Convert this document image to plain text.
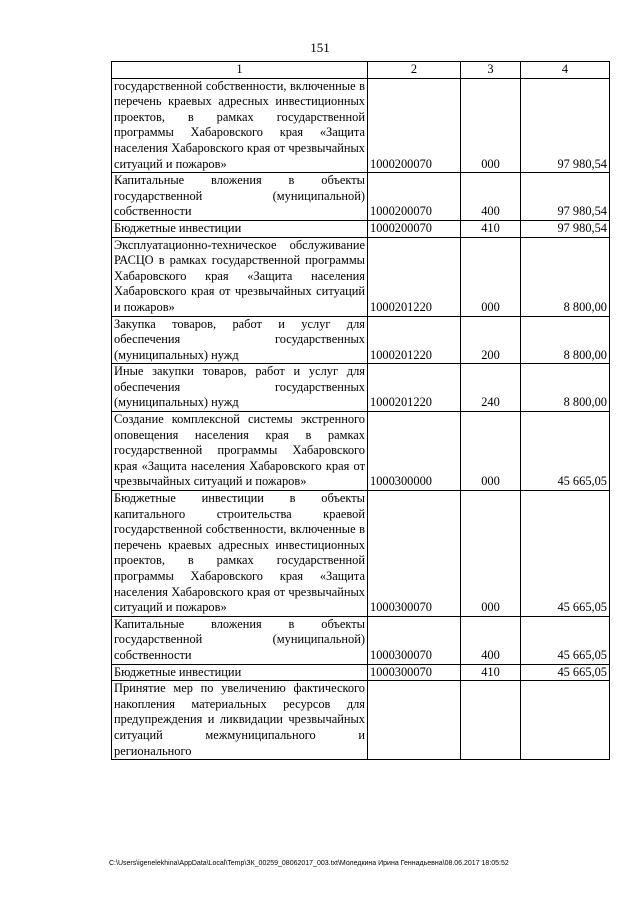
151
1	2	3	4
государственной собственности, включенные в перечень краевых адресных инвестиционных проектов, в рамках государственной программы Хабаровского края «Защита населения Хабаровского края от чрезвычайных ситуаций и пожаров»	1000200070	000	97 980,54
Капитальные вложения в объекты государственной (муниципальной) собственности	1000200070	400	97 980,54
Бюджетные инвестиции	1000200070	410	97 980,54
Эксплуатационно-техническое обслуживание РАСЦО в рамках государственной программы Хабаровского края «Защита населения Хабаровского края от чрезвычайных ситуаций и пожаров»	1000201220	000	8 800,00
Закупка товаров, работ и услуг для обеспечения государственных (муниципальных) нужд	1000201220	200	8 800,00
Иные закупки товаров, работ и услуг для обеспечения государственных (муниципальных) нужд	1000201220	240	8 800,00
Создание комплексной системы экстренного оповещения населения края в рамках государственной программы Хабаровского края «Защита населения Хабаровского края от чрезвычайных ситуаций и пожаров»	1000300000	000	45 665,05
Бюджетные инвестиции в объекты капитального строительства краевой государственной собственности, включенные в перечень краевых адресных инвестиционных проектов, в рамках государственной программы Хабаровского края «Защита населения Хабаровского края от чрезвычайных ситуаций и пожаров»	1000300070	000	45 665,05
Капитальные вложения в объекты государственной (муниципальной) собственности	1000300070	400	45 665,05
Бюджетные инвестиции	1000300070	410	45 665,05
Принятие мер по увеличению фактического накопления материальных ресурсов для предупреждения и ликвидации чрезвычайных ситуаций межмуниципального и регионального			
C:\Users\igenelekhina\AppData\Local\Temp\ЗК_00259_08062017_003.txt\Моледкина Ирина Геннадьевна\08.06.2017 18:05:52
